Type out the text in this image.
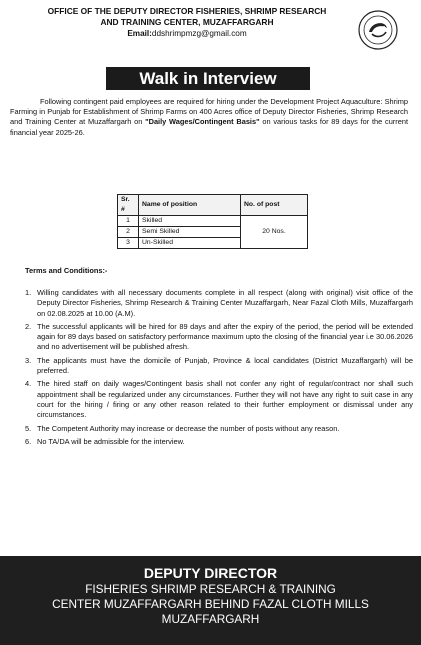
OFFICE OF THE DEPUTY DIRECTOR FISHERIES, SHRIMP RESEARCH
AND TRAINING CENTER, MUZAFFARGARH
Email:ddshrimpmzg@gmail.com
Walk in Interview

Following contingent paid employees are required for hiring under the Development Project Aquaculture: Shrimp Farming in Punjab for Establishment of Shrimp Farms on 400 Acres office of Deputy Director Fisheries, Shrimp Research and Training Center at Muzaffargarh on "Daily Wages/Contingent Basis" on various tasks for 89 days for the current financial year 2025-26.

Sr. #	Name of position	No. of post
1	Skilled	20 Nos.
2	Semi Skilled	
3	Un-Skilled	
Terms and Conditions:-
1. Willing candidates with all necessary documents complete in all respect (along with original) visit office of the Deputy Director Fisheries, Shrimp Research & Training Center Muzaffargarh, Near Fazal Cloth Mills, Muzaffargarh on 02.08.2025 at 10.00 (A.M).
2. The successful applicants will be hired for 89 days and after the expiry of the period, the period will be extended again for 89 days based on satisfactory performance maximum upto the closing of the financial year i.e 30.06.2026 and no advertisement will be published afresh.
3. The applicants must have the domicile of Punjab, Province & local candidates (District Muzaffargarh) will be preferred.
4. The hired staff on daily wages/Contingent basis shall not confer any right of regular/contract nor shall such appointment shall be regularized under any circumstances. Further they will not have any right to suit case in any court for the hiring / firing or any other reason related to their further employment or dismissal under any circumstances.
5. The Competent Authority may increase or decrease the number of posts without any reason.
6. No TA/DA will be admissible for the interview.
DEPUTY DIRECTOR
FISHERIES SHRIMP RESEARCH & TRAINING
CENTER MUZAFFARGARH BEHIND FAZAL CLOTH MILLS
MUZAFFARGARH
